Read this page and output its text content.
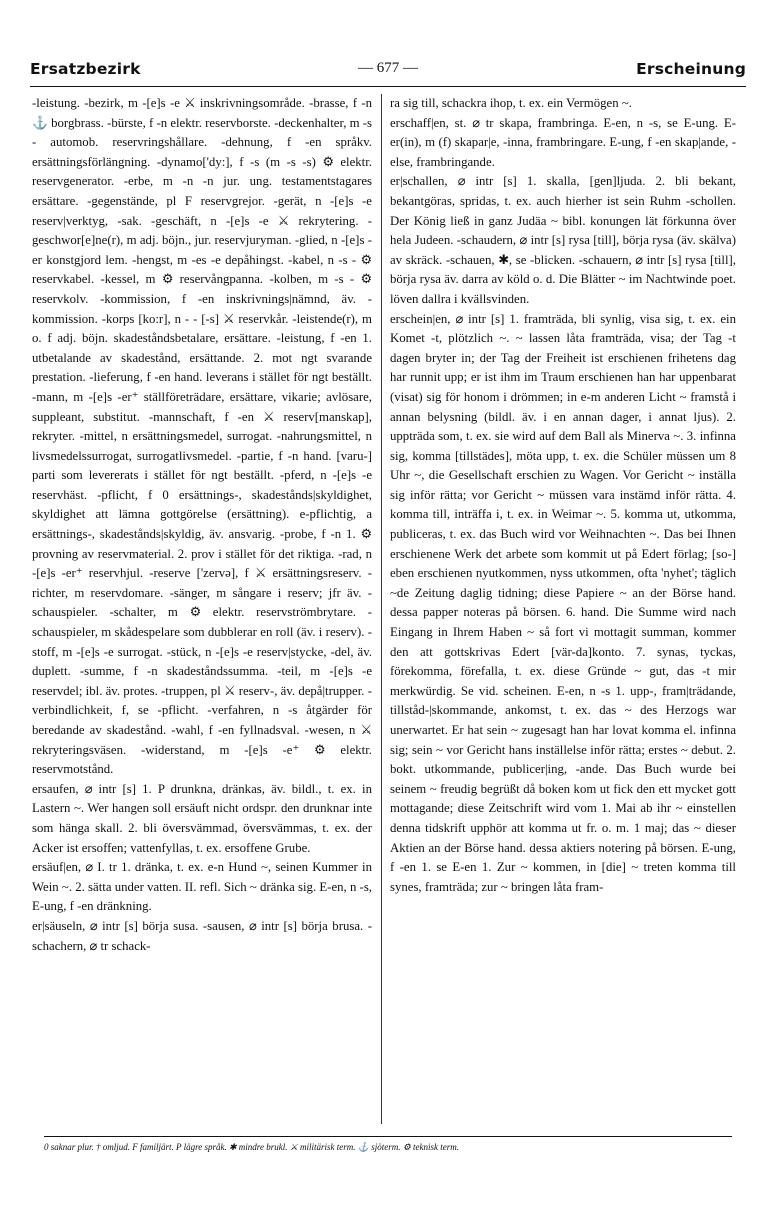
Ersatzbezirk	— 677 —	Erscheinung

-leistung. -bezirk, m -[e]s -e ⚔ inskrivningsområde. -brasse, f -n ⚓ borgbrass. -bürste, f -n elektr. reservborste. -deckenhalter, m -s - automob. reservringshållare. -dehnung, f -en språkv. ersättningsförlängning. -dynamo['dy:], f -s (m -s -s) ⚙ elektr. reservgenerator. -erbe, m -n -n jur. ung. testamentstagares ersättare. -gegenstände, pl F reservgrejor. -gerät, n -[e]s -e reserv|verktyg, -sak. -geschäft, n -[e]s -e ⚔ rekrytering. -geschwor[e]ne(r), m adj. böjn., jur. reservjuryman. -glied, n -[e]s -er konstgjord lem. -hengst, m -es -e depåhingst. -kabel, n -s - ⚙ reservkabel. -kessel, m ⚙ reservångpanna. -kolben, m -s - ⚙ reservkolv. -kommission, f -en inskrivnings|nämnd, äv. -kommission. -korps [ko:r], n - - [-s] ⚔ reservkår. -leistende(r), m o. f adj. böjn. skadeståndsbetalare, ersättare. -leistung, f -en 1. utbetalande av skadestånd, ersättande. 2. mot ngt svarande prestation. -lieferung, f -en hand. leverans i stället för ngt beställt. -mann, m -[e]s -er⁺ ställföreträdare, ersättare, vikarie; avlösare, suppleant, substitut. -mannschaft, f -en ⚔ reserv[manskap], rekryter. -mittel, n ersättningsmedel, surrogat. -nahrungsmittel, n livsmedelssurrogat, surrogatlivsmedel. -partie, f -n hand. [varu-] parti som levererats i stället för ngt beställt. -pferd, n -[e]s -e reservhäst. -pflicht, f 0 ersättnings-, skadestånds|skyldighet, skyldighet att lämna gottgörelse (ersättning). e-pflichtig, a ersättnings-, skadestånds|skyldig, äv. ansvarig. -probe, f -n 1. ⚙ provning av reservmaterial. 2. prov i stället för det riktiga. -rad, n -[e]s -er⁺ reservhjul. -reserve ['zervə], f ⚔ ersättningsreserv. -richter, m reservdomare. -sänger, m sångare i reserv; jfr äv. -schauspieler. -schalter, m ⚙ elektr. reservströmbrytare. -schauspieler, m skådespelare som dubblerar en roll (äv. i reserv). -stoff, m -[e]s -e surrogat. -stück, n -[e]s -e reserv|stycke, -del, äv. duplett. -summe, f -n skadeståndssumma. -teil, m -[e]s -e reservdel; ibl. äv. protes. -truppen, pl ⚔ reserv-, äv. depå|trupper. -verbindlichkeit, f, se -pflicht. -verfahren, n -s åtgärder för beredande av skadestånd. -wahl, f -en fyllnadsval. -wesen, n ⚔ rekryteringsväsen. -widerstand, m -[e]s -e⁺ ⚙ elektr. reservmotstånd.

ersaufen, ⌀ intr [s] 1. P drunkna, dränkas, äv. bildl., t. ex. in Lastern ~. Wer hangen soll ersäuft nicht ordspr. den drunknar inte som hänga skall. 2. bli översvämmad, översvämmas, t. ex. der Acker ist ersoffen; vattenfyllas, t. ex. ersoffene Grube.

ersäuf|en, ⌀ I. tr 1. dränka, t. ex. e-n Hund ~, seinen Kummer in Wein ~. 2. sätta under vatten. II. refl. Sich ~ dränka sig. E-en, n -s, E-ung, f -en dränkning.

er|säuseln, ⌀ intr [s] börja susa. -sausen, ⌀ intr [s] börja brusa. -schachern, ⌀ tr schack-

ra sig till, schackra ihop, t. ex. ein Vermögen ~.

erschaff|en, st. ⌀ tr skapa, frambringa. E-en, n -s, se E-ung. E-er(in), m (f) skapar|e, -inna, frambringare. E-ung, f -en skap|ande, -else, frambringande.

er|schallen, ⌀ intr [s] 1. skalla, [gen]ljuda. 2. bli bekant, bekantgöras, spridas, t. ex. auch hierher ist sein Ruhm -schollen. Der König ließ in ganz Judäa ~ bibl. konungen lät förkunna över hela Judeen. -schaudern, ⌀ intr [s] rysa [till], börja rysa (äv. skälva) av skräck. -schauen, ✱, se -blicken. -schauern, ⌀ intr [s] rysa [till], börja rysa äv. darra av köld o. d. Die Blätter ~ im Nachtwinde poet. löven dallra i kvällsvinden.

erschein|en, ⌀ intr [s] 1. framträda, bli synlig, visa sig, t. ex. ein Komet -t, plötzlich ~. ~ lassen låta framträda, visa; der Tag -t dagen bryter in; der Tag der Freiheit ist erschienen frihetens dag har runnit upp; er ist ihm im Traum erschienen han har uppenbarat (visat) sig för honom i drömmen; in e-m anderen Licht ~ framstå i annan belysning (bildl. äv. i en annan dager, i annat ljus). 2. uppträda som, t. ex. sie wird auf dem Ball als Minerva ~. 3. infinna sig, komma [tillstädes], möta upp, t. ex. die Schüler müssen um 8 Uhr ~, die Gesellschaft erschien zu Wagen. Vor Gericht ~ inställa sig inför rätta; vor Gericht ~ müssen vara instämd inför rätta. 4. komma till, inträffa i, t. ex. in Weimar ~. 5. komma ut, utkomma, publiceras, t. ex. das Buch wird vor Weihnachten ~. Das bei Ihnen erschienene Werk det arbete som kommit ut på Edert förlag; [so-] eben erschienen nyutkommen, nyss utkommen, ofta 'nyhet'; täglich ~de Zeitung daglig tidning; diese Papiere ~ an der Börse hand. dessa papper noteras på börsen. 6. hand. Die Summe wird nach Eingang in Ihrem Haben ~ så fort vi mottagit summan, kommer den att gottskrivas Edert [vär-da]konto. 7. synas, tyckas, förekomma, förefalla, t. ex. diese Gründe ~ gut, das -t mir merkwürdig. Se vid. scheinen. E-en, n -s 1. upp-, fram|trädande, tillståd-|skommande, ankomst, t. ex. das ~ des Herzogs war unerwartet. Er hat sein ~ zugesagt han har lovat komma el. infinna sig; sein ~ vor Gericht hans inställelse inför rätta; erstes ~ debut. 2. bokt. utkommande, publicer|ing, -ande. Das Buch wurde bei seinem ~ freudig begrüßt då boken kom ut fick den ett mycket gott mottagande; diese Zeitschrift wird vom 1. Mai ab ihr ~ einstellen denna tidskrift upphör att komma ut fr. o. m. 1 maj; das ~ dieser Aktien an der Börse hand. dessa aktiers notering på börsen. E-ung, f -en 1. se E-en 1. Zur ~ kommen, in [die] ~ treten komma till synes, framträda; zur ~ bringen låta fram-

0 saknar plur. † omljud. F familjärt. P lägre språk. ✱ mindre brukl. ⚔ militärisk term. ⚓ sjöterm. ⚙ teknisk term.
